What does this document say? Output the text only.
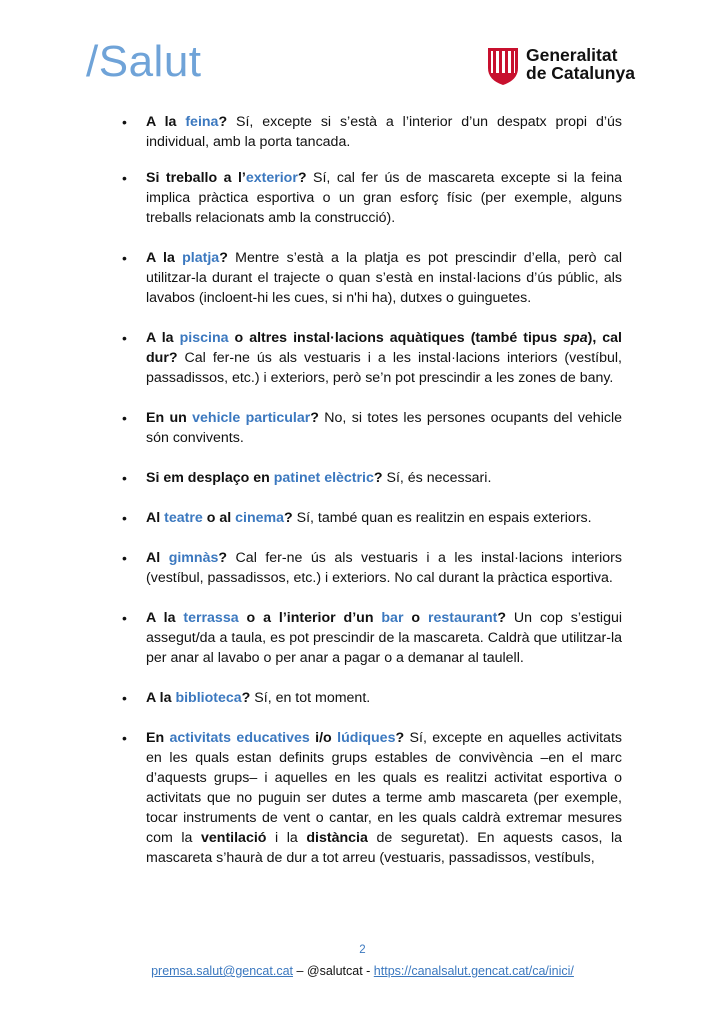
/Salut	Generalitat
de Catalunya
• A la feina? Sí, excepte si s’està a l’interior d’un despatx propi d’ús individual, amb la porta tancada.
• Si treballo a l’exterior? Sí, cal fer ús de mascareta excepte si la feina implica pràctica esportiva o un gran esforç físic (per exemple, alguns treballs relacionats amb la construcció).
• A la platja? Mentre s’està a la platja es pot prescindir d’ella, però cal utilitzar-la durant el trajecte o quan s’està en instal·lacions d’ús públic, als lavabos (incloent-hi les cues, si n'hi ha), dutxes o guinguetes.
• A la piscina o altres instal·lacions aquàtiques (també tipus spa), cal dur? Cal fer-ne ús als vestuaris i a les instal·lacions interiors (vestíbul, passadissos, etc.) i exteriors, però se’n pot prescindir a les zones de bany.
• En un vehicle particular? No, si totes les persones ocupants del vehicle són convivents.
• Si em desplaço en patinet elèctric? Sí, és necessari.
• Al teatre o al cinema? Sí, també quan es realitzin en espais exteriors.
• Al gimnàs? Cal fer-ne ús als vestuaris i a les instal·lacions interiors (vestíbul, passadissos, etc.) i exteriors. No cal durant la pràctica esportiva.
• A la terrassa o a l’interior d’un bar o restaurant? Un cop s’estigui assegut/da a taula, es pot prescindir de la mascareta. Caldrà que utilitzar-la per anar al lavabo o per anar a pagar o a demanar al taulell.
• A la biblioteca? Sí, en tot moment.
• En activitats educatives i/o lúdiques? Sí, excepte en aquelles activitats en les quals estan definits grups estables de convivència –en el marc d’aquests grups– i aquelles en les quals es realitzi activitat esportiva o activitats que no puguin ser dutes a terme amb mascareta (per exemple, tocar instruments de vent o cantar, en les quals caldrà extremar mesures com la ventilació i la distància de seguretat). En aquests casos, la mascareta s’haurà de dur a tot arreu (vestuaris, passadissos, vestíbuls,
2
premsa.salut@gencat.cat – @salutcat - https://canalsalut.gencat.cat/ca/inici/
